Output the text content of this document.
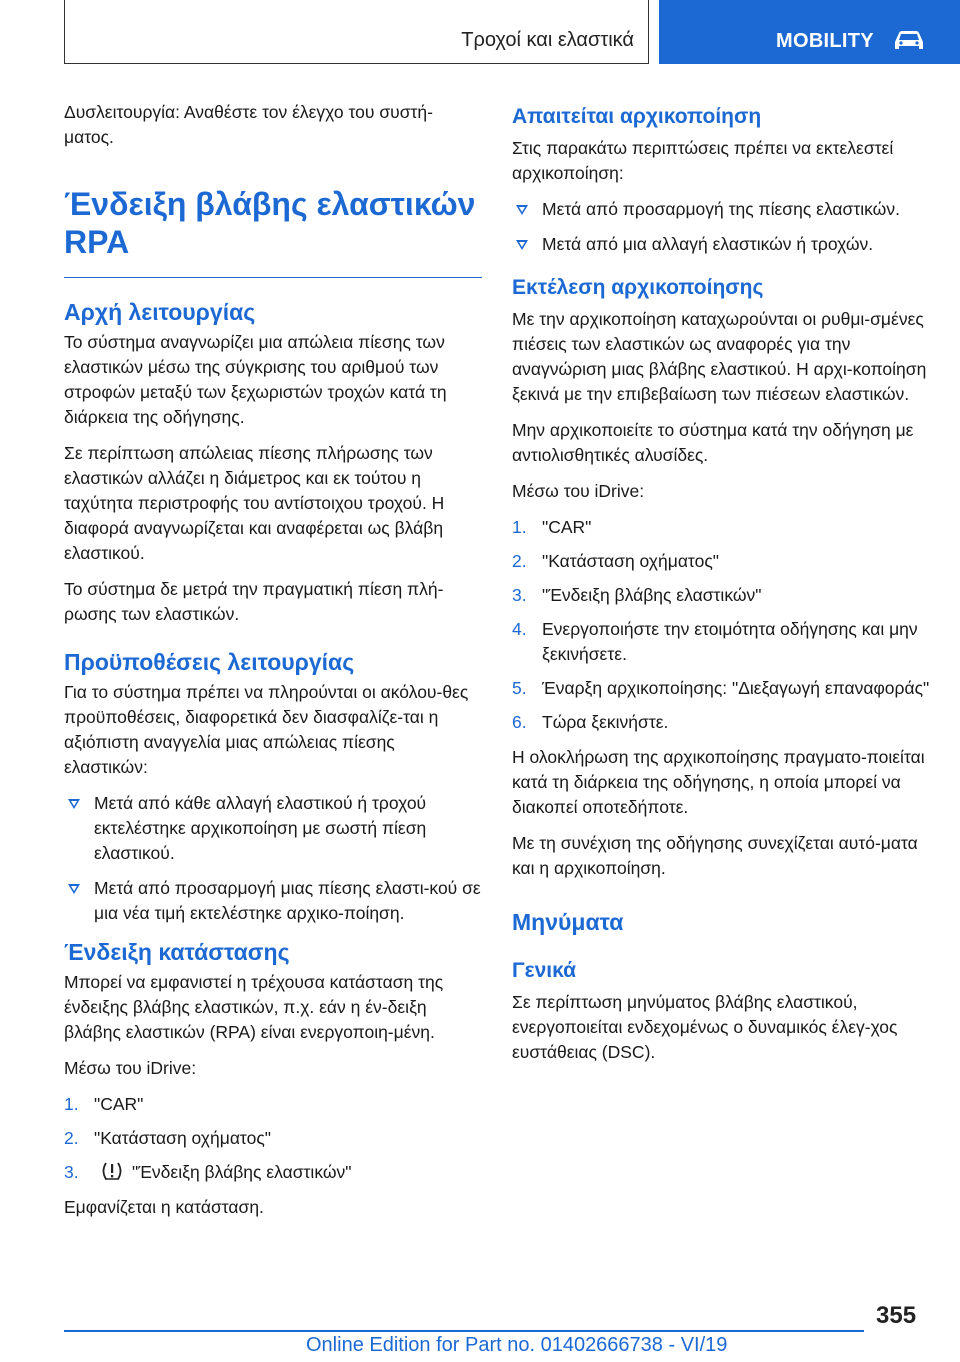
Τροχοί και ελαστικά	MOBILITY

Δυσλειτουργία: Αναθέστε τον έλεγχο του συστή‐ματος.

Ένδειξη βλάβης ελαστικών RPA
Αρχή λειτουργίας

Το σύστημα αναγνωρίζει μια απώλεια πίεσης των ελαστικών μέσω της σύγκρισης του αριθμού των στροφών μεταξύ των ξεχωριστών τροχών κατά τη διάρκεια της οδήγησης.

Σε περίπτωση απώλειας πίεσης πλήρωσης των ελαστικών αλλάζει η διάμετρος και εκ τούτου η ταχύτητα περιστροφής του αντίστοιχου τροχού. Η διαφορά αναγνωρίζεται και αναφέρεται ως βλάβη ελαστικού.

Το σύστημα δε μετρά την πραγματική πίεση πλή‐ρωσης των ελαστικών.

Προϋποθέσεις λειτουργίας

Για το σύστημα πρέπει να πληρούνται οι ακόλου‐θες προϋποθέσεις, διαφορετικά δεν διασφαλίζε‐ται η αξιόπιστη αναγγελία μιας απώλειας πίεσης ελαστικών:

Μετά από κάθε αλλαγή ελαστικού ή τροχού εκτελέστηκε αρχικοποίηση με σωστή πίεση ελαστικού.
Μετά από προσαρμογή μιας πίεσης ελαστι‐κού σε μια νέα τιμή εκτελέστηκε αρχικο‐ποίηση.
Ένδειξη κατάστασης

Μπορεί να εμφανιστεί η τρέχουσα κατάσταση της ένδειξης βλάβης ελαστικών, π.χ. εάν η έν‐δειξη βλάβης ελαστικών (RPA) είναι ενεργοποιη‐μένη.

Μέσω του iDrive:

1. "CAR"
2. "Κατάσταση οχήματος"
3.	"Ένδειξη βλάβης ελαστικών"

Εμφανίζεται η κατάσταση.

Απαιτείται αρχικοποίηση

Στις παρακάτω περιπτώσεις πρέπει να εκτελεστεί αρχικοποίηση:

Μετά από προσαρμογή της πίεσης ελαστικών.
Μετά από μια αλλαγή ελαστικών ή τροχών.
Εκτέλεση αρχικοποίησης

Με την αρχικοποίηση καταχωρούνται οι ρυθμι‐σμένες πιέσεις των ελαστικών ως αναφορές για την αναγνώριση μιας βλάβης ελαστικού. Η αρχι‐κοποίηση ξεκινά με την επιβεβαίωση των πιέσεων ελαστικών.

Μην αρχικοποιείτε το σύστημα κατά την οδήγηση με αντιολισθητικές αλυσίδες.

Μέσω του iDrive:

1. "CAR"
2. "Κατάσταση οχήματος"
3. "Ένδειξη βλάβης ελαστικών"
4. Ενεργοποιήστε την ετοιμότητα οδήγησης και μην ξεκινήσετε.
5. Έναρξη αρχικοποίησης: "Διεξαγωγή επαναφοράς"
6. Τώρα ξεκινήστε.

Η ολοκλήρωση της αρχικοποίησης πραγματο‐ποιείται κατά τη διάρκεια της οδήγησης, η οποία μπορεί να διακοπεί οποτεδήποτε.

Με τη συνέχιση της οδήγησης συνεχίζεται αυτό‐ματα και η αρχικοποίηση.

Μηνύματα
Γενικά

Σε περίπτωση μηνύματος βλάβης ελαστικού, ενεργοποιείται ενδεχομένως ο δυναμικός έλεγ‐χος ευστάθειας (DSC).

355
Online Edition for Part no. 01402666738 - VI/19
